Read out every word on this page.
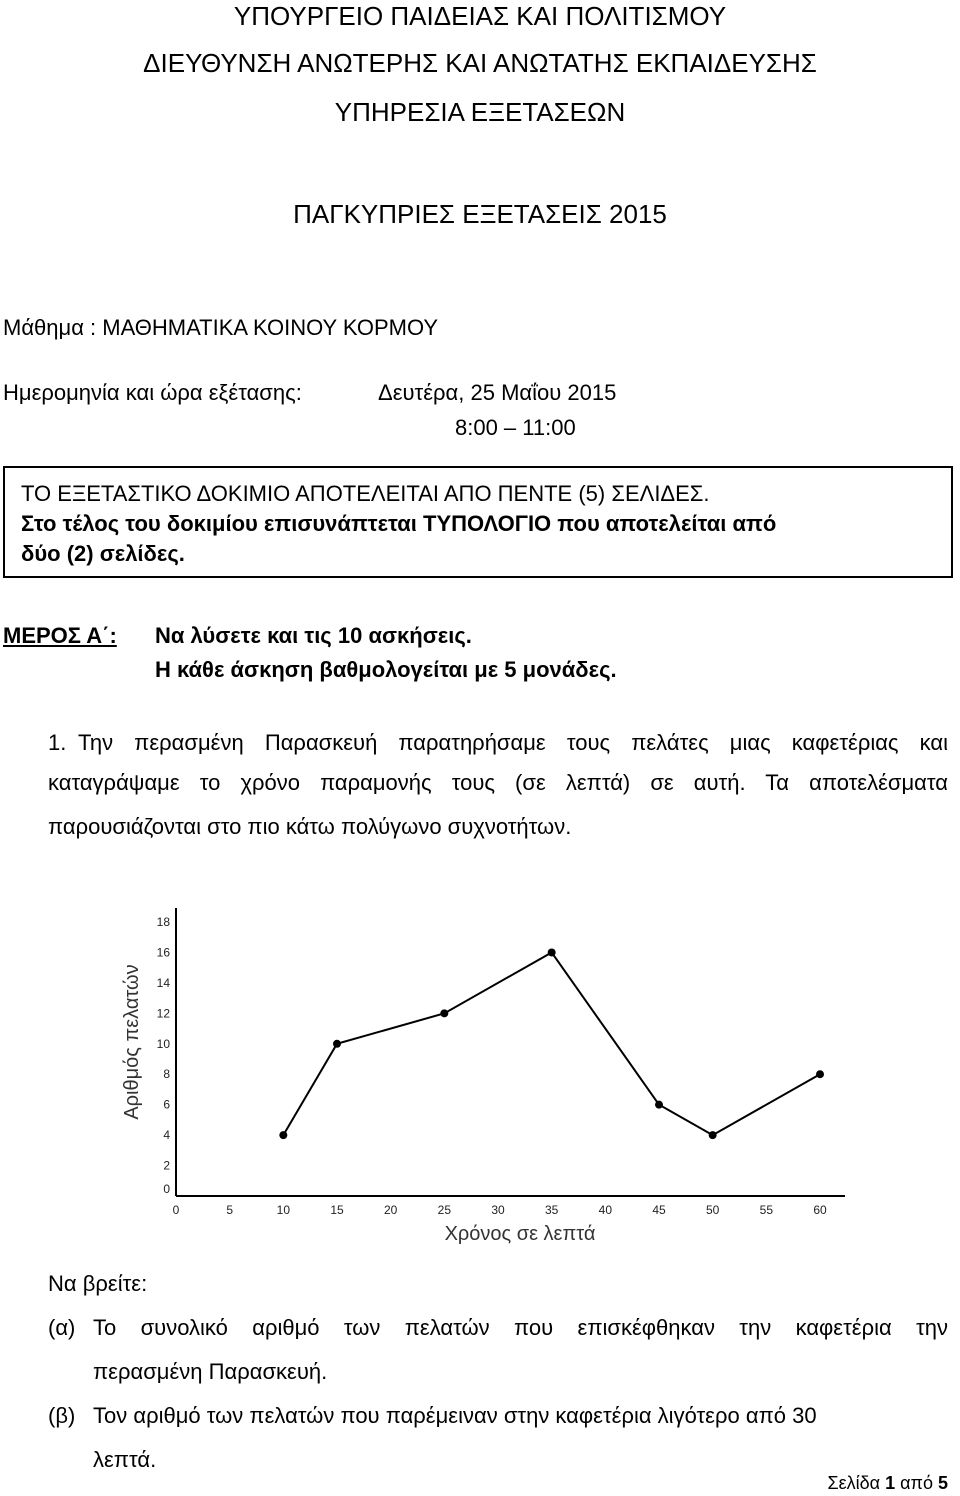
ΥΠΟΥΡΓΕΙΟ ΠΑΙΔΕΙΑΣ ΚΑΙ ΠΟΛΙΤΙΣΜΟΥ
ΔΙΕΥΘΥΝΣΗ ΑΝΩΤΕΡΗΣ ΚΑΙ ΑΝΩΤΑΤΗΣ ΕΚΠΑΙΔΕΥΣΗΣ
ΥΠΗΡΕΣΙΑ ΕΞΕΤΑΣΕΩΝ
ΠΑΓΚΥΠΡΙΕΣ ΕΞΕΤΑΣΕΙΣ 2015
Μάθημα : ΜΑΘΗΜΑΤΙΚΑ ΚΟΙΝΟΥ ΚΟΡΜΟΥ
Ημερομηνία και ώρα εξέτασης:	Δευτέρα, 25 Μαΐου 2015
8:00 – 11:00
ΤΟ ΕΞΕΤΑΣΤΙΚΟ ΔΟΚΙΜΙΟ ΑΠΟΤΕΛΕΙΤΑΙ ΑΠΟ ΠΕΝΤΕ (5) ΣΕΛΙΔΕΣ.
Στο τέλος του δοκιμίου επισυνάπτεται ΤΥΠΟΛΟΓΙΟ που αποτελείται από
δύο (2) σελίδες.
ΜΕΡΟΣ Α΄: Να λύσετε και τις 10 ασκήσεις.
Η κάθε άσκηση βαθμολογείται με 5 μονάδες.
1. Την περασμένη Παρασκευή παρατηρήσαμε τους πελάτες μιας καφετέριας και
καταγράψαμε το χρόνο παραμονής τους (σε λεπτά) σε αυτή. Τα αποτελέσματα
παρουσιάζονται στο πιο κάτω πολύγωνο συχνοτήτων.
0
2
4
6
8
10
12
14
16
18
0	5	10	15	20	25	30	35	40	45	50	55	60
Αριθμός πελατών
Χρόνος σε λεπτά
Να βρείτε:
(α) Το συνολικό αριθμό των πελατών που επισκέφθηκαν την καφετέρια την
περασμένη Παρασκευή.
(β) Τον αριθμό των πελατών που παρέμειναν στην καφετέρια λιγότερο από 30
λεπτά.
Σελίδα 1 από 5
